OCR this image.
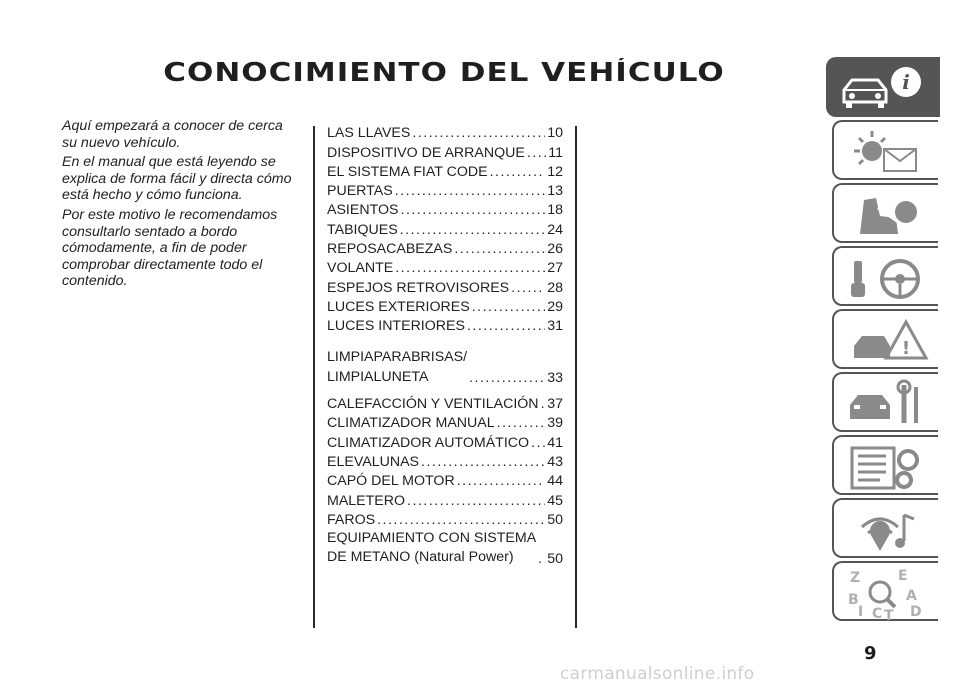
CONOCIMIENTO DEL VEHÍCULO

Aquí empezará a conocer de cerca su nuevo vehículo.

En el manual que está leyendo se explica de forma fácil y directa cómo está hecho y cómo funciona.

Por este motivo le recomendamos consultarlo sentado a bordo cómodamente, a fin de poder comprobar directamente todo el contenido.

LAS LLAVES .....	10
DISPOSITIVO DE ARRANQUE ..... 11
EL SISTEMA FIAT CODE .....	12
PUERTAS .....	13
ASIENTOS .....	18
TABIQUES .....	24
REPOSACABEZAS .....	26
VOLANTE .....	27
ESPEJOS RETROVISORES .....	28
LUCES EXTERIORES .....	29
LUCES INTERIORES .....	31
LIMPIAPARABRISAS/
LIMPIALUNETA .....	33
CALEFACCIÓN Y VENTILACIÓN ..... 37
CLIMATIZADOR MANUAL .....	39
CLIMATIZADOR AUTOMÁTICO ..... 41
ELEVALUNAS .....	43
CAPÓ DEL MOTOR .....	44
MALETERO .....	45
FAROS .....	50
EQUIPAMIENTO CON SISTEMA
DE METANO (Natural Power) .....	50
i
!
Z	E
B	A
I C T D
9
carmanualsonline.info
